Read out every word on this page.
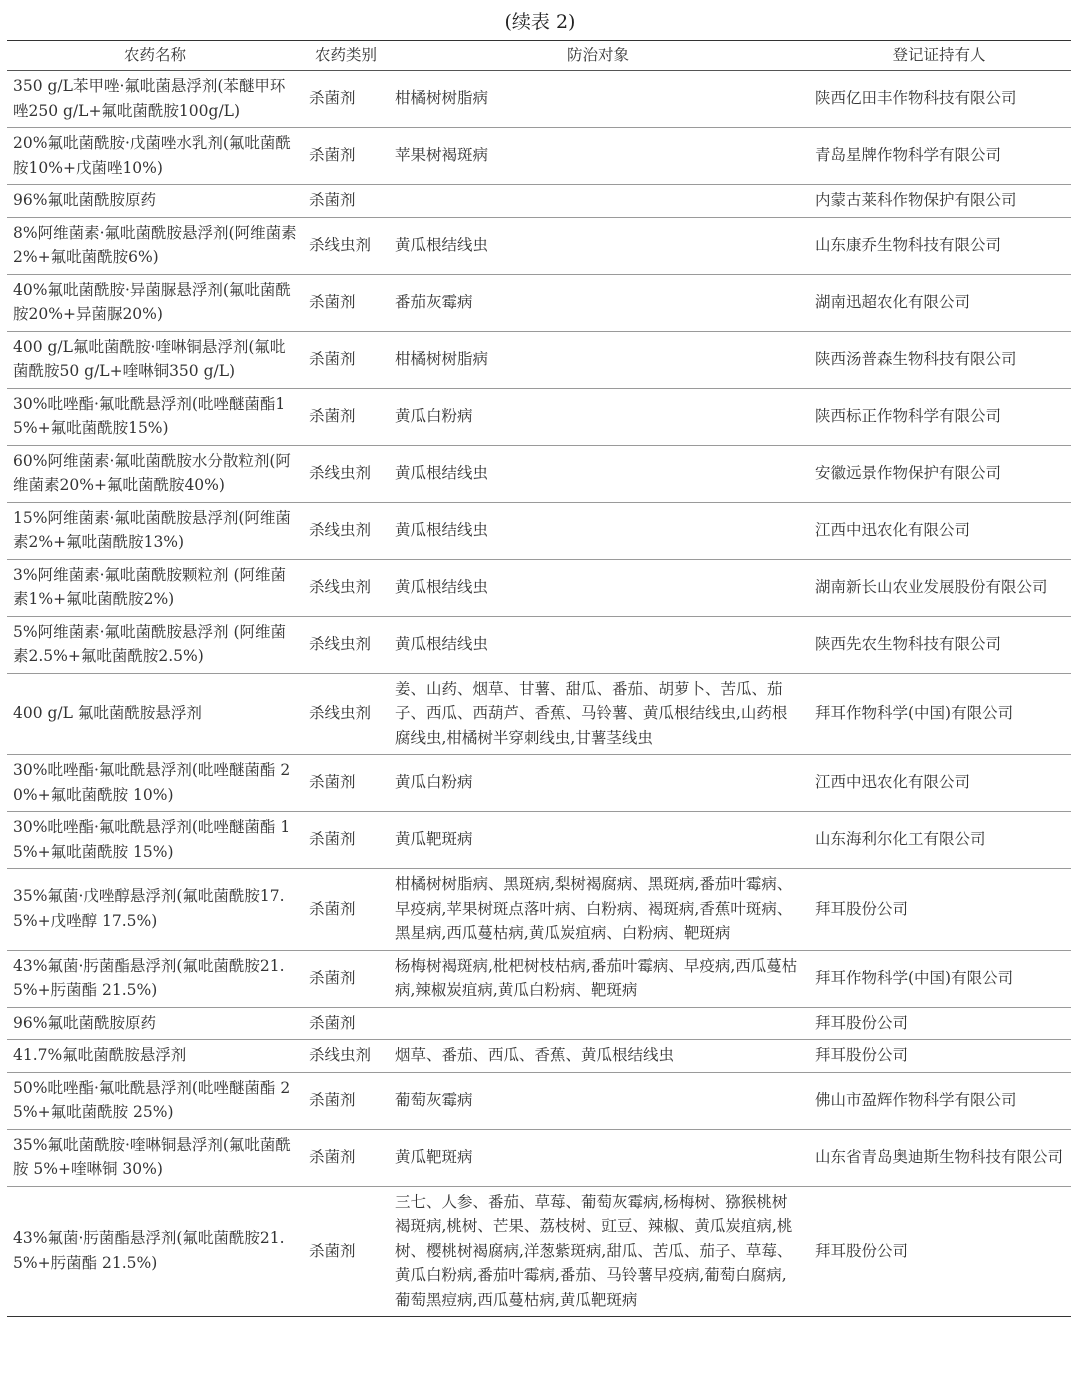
(续表 2)
农药名称	农药类别	防治对象	登记证持有人
350 g/L苯甲唑·氟吡菌悬浮剂(苯醚甲环唑250 g/L+氟吡菌酰胺100g/L)	杀菌剂	柑橘树树脂病	陕西亿田丰作物科技有限公司
20%氟吡菌酰胺·戊菌唑水乳剂(氟吡菌酰胺10%+戊菌唑10%)	杀菌剂	苹果树褐斑病	青岛星牌作物科学有限公司
96%氟吡菌酰胺原药	杀菌剂		内蒙古莱科作物保护有限公司
8%阿维菌素·氟吡菌酰胺悬浮剂(阿维菌素2%+氟吡菌酰胺6%)	杀线虫剂	黄瓜根结线虫	山东康乔生物科技有限公司
40%氟吡菌酰胺·异菌脲悬浮剂(氟吡菌酰胺20%+异菌脲20%)	杀菌剂	番茄灰霉病	湖南迅超农化有限公司
400 g/L氟吡菌酰胺·喹啉铜悬浮剂(氟吡菌酰胺50 g/L+喹啉铜350 g/L)	杀菌剂	柑橘树树脂病	陕西汤普森生物科技有限公司
30%吡唑酯·氟吡酰悬浮剂(吡唑醚菌酯15%+氟吡菌酰胺15%)	杀菌剂	黄瓜白粉病	陕西标正作物科学有限公司
60%阿维菌素·氟吡菌酰胺水分散粒剂(阿维菌素20%+氟吡菌酰胺40%)	杀线虫剂	黄瓜根结线虫	安徽远景作物保护有限公司
15%阿维菌素·氟吡菌酰胺悬浮剂(阿维菌素2%+氟吡菌酰胺13%)	杀线虫剂	黄瓜根结线虫	江西中迅农化有限公司
3%阿维菌素·氟吡菌酰胺颗粒剂 (阿维菌素1%+氟吡菌酰胺2%)	杀线虫剂	黄瓜根结线虫	湖南新长山农业发展股份有限公司
5%阿维菌素·氟吡菌酰胺悬浮剂 (阿维菌素2.5%+氟吡菌酰胺2.5%)	杀线虫剂	黄瓜根结线虫	陕西先农生物科技有限公司
400 g/L 氟吡菌酰胺悬浮剂	杀线虫剂	姜、山药、烟草、甘薯、甜瓜、番茄、胡萝卜、苦瓜、茄子、西瓜、西葫芦、香蕉、马铃薯、黄瓜根结线虫,山药根腐线虫,柑橘树半穿刺线虫,甘薯茎线虫	拜耳作物科学(中国)有限公司
30%吡唑酯·氟吡酰悬浮剂(吡唑醚菌酯 20%+氟吡菌酰胺 10%)	杀菌剂	黄瓜白粉病	江西中迅农化有限公司
30%吡唑酯·氟吡酰悬浮剂(吡唑醚菌酯 15%+氟吡菌酰胺 15%)	杀菌剂	黄瓜靶斑病	山东海利尔化工有限公司
35%氟菌·戊唑醇悬浮剂(氟吡菌酰胺17.5%+戊唑醇 17.5%)	杀菌剂	柑橘树树脂病、黑斑病,梨树褐腐病、黑斑病,番茄叶霉病、早疫病,苹果树斑点落叶病、白粉病、褐斑病,香蕉叶斑病、黑星病,西瓜蔓枯病,黄瓜炭疽病、白粉病、靶斑病	拜耳股份公司
43%氟菌·肟菌酯悬浮剂(氟吡菌酰胺21.5%+肟菌酯 21.5%)	杀菌剂	杨梅树褐斑病,枇杷树枝枯病,番茄叶霉病、早疫病,西瓜蔓枯病,辣椒炭疽病,黄瓜白粉病、靶斑病	拜耳作物科学(中国)有限公司
96%氟吡菌酰胺原药	杀菌剂		拜耳股份公司
41.7%氟吡菌酰胺悬浮剂	杀线虫剂	烟草、番茄、西瓜、香蕉、黄瓜根结线虫	拜耳股份公司
50%吡唑酯·氟吡酰悬浮剂(吡唑醚菌酯 25%+氟吡菌酰胺 25%)	杀菌剂	葡萄灰霉病	佛山市盈辉作物科学有限公司
35%氟吡菌酰胺·喹啉铜悬浮剂(氟吡菌酰胺 5%+喹啉铜 30%)	杀菌剂	黄瓜靶斑病	山东省青岛奥迪斯生物科技有限公司
43%氟菌·肟菌酯悬浮剂(氟吡菌酰胺21.5%+肟菌酯 21.5%)	杀菌剂	三七、人参、番茄、草莓、葡萄灰霉病,杨梅树、猕猴桃树褐斑病,桃树、芒果、荔枝树、豇豆、辣椒、黄瓜炭疽病,桃树、樱桃树褐腐病,洋葱紫斑病,甜瓜、苦瓜、茄子、草莓、黄瓜白粉病,番茄叶霉病,番茄、马铃薯早疫病,葡萄白腐病,葡萄黑痘病,西瓜蔓枯病,黄瓜靶斑病	拜耳股份公司
